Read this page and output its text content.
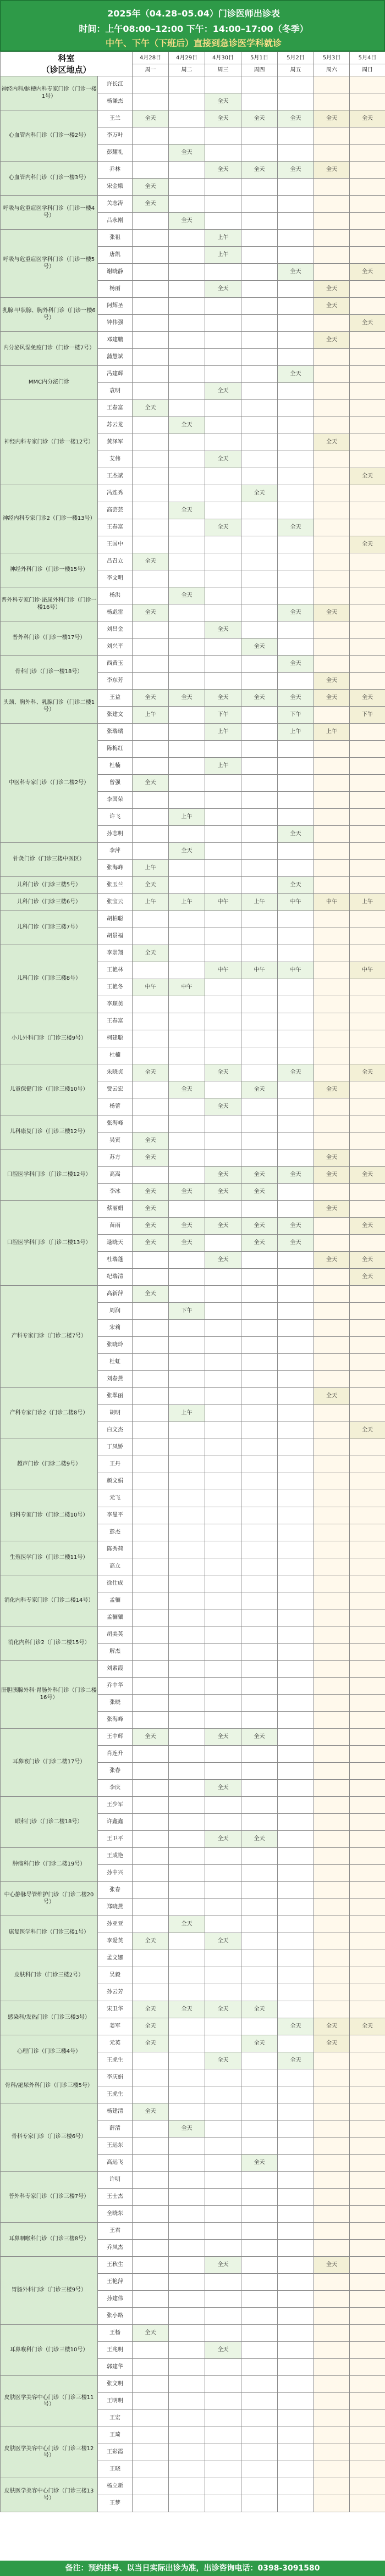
2025年（04.28–05.04）门诊医师出诊表
时间：上午08:00–12:00 下午：14:00–17:00（冬季）
中午、下午（下班后）直接到急诊医学科就诊
科室
（诊区地点）		4月28日	4月29日	4月30日	5月1日	5月2日	5月3日	5月4日
		周一	周二	周三	周四	周五	周六	周日
神经内科/脑梗内科专家门诊（门诊一楼1号）	许长江							
	杨谦杰			全天				
心血管内科门诊（门诊一楼2号）	王兰	全天		全天	全天	全天	全天	全天
	李万叶							
	彭耀礼		全天					
心血管内科门诊（门诊一楼3号）	乔林			全天	全天	全天	全天	
	宋金娥	全天						
呼吸与危重症医学科门诊（门诊一楼4号）	关志涛	全天						
	吕永刚		全天					
呼吸与危重症医学科门诊（门诊一楼5号）	张祖			上午				
	唐凯			上午				
	谢晓静					全天		全天
	杨丽			全天			全天	
乳腺·甲状腺、胸外科门诊（门诊一楼6号）	阿辉圣						全天	
	钟伟强							全天
内分泌风湿免疫门诊（门诊一楼7号）	邓建鹏						全天	
	蒲慧斌							
MMC内分泌门诊	冯建辉					全天		
	袁明			全天				
神经内科专家门诊（门诊一楼12号）	王春富	全天						
	苏云龙		全天					
	黄泽军						全天	
	艾伟			全天				
	王杰斌							全天
神经内科专家门诊2（门诊一楼13号）	冯连秀				全天			
	高芸芸		全天					
	王春富			全天		全天		
	王国中							全天
神经外科门诊（门诊一楼15号）	吕召立	全天						
	李文明							
普外科专家门诊·泌尿外科门诊（门诊一楼16号）	杨洪		全天					
	杨彪雷	全天				全天	全天	
普外科门诊（门诊一楼17号）	刘昌金			全天				
	刘兴平				全天			
骨科门诊（门诊一楼18号）	西黄玉					全天		
	李东芳						全天	
头颈、胸外科、乳腺门诊（门诊二楼1号）	王益	全天	全天	全天	全天	全天	全天	全天
	张建文	上午		下午		下午		下午
中医科专家门诊（门诊二楼2号）	张瑞瑞			上午		上午	上午	
	陈梅红							
	杜楠			上午				
	曾强	全天						
	李国荣							
	许飞		上午					
	孙志明					全天		
针灸门诊（门诊三楼中医区）	李萍		全天					
	张海峰	上午						
儿科门诊（门诊三楼5号）	张玉兰	全天				全天		
儿科门诊（门诊三楼6号）	张宝云	上午	上午	中午	上午	中午	中午	上午
儿科门诊（门诊三楼7号）	胡柏聪							
	胡景福							
儿科门诊（门诊三楼8号）	李崇翔	全天						
	王艳林			中午	中午	中午		中午
	王艳冬	中午	中午					
	李顺美							
小儿外科门诊（门诊三楼9号）	王春富							
	柯建聪							
	杜楠							
儿童保健门诊（门诊三楼10号）	朱晓贞	全天		全天		全天		全天
	贾云宏		全天		全天		全天	
	杨蕾			全天				
儿科康复门诊（门诊三楼12号）	张海峰							
	吴寅	全天						
口腔医学科门诊（门诊二楼12号）	苏方	全天					全天	
	高嵩			全天	全天	全天	全天	全天
	李冰	全天	全天	全天	全天			
口腔医学科门诊（门诊二楼13号）	蔡丽娟	全天					全天	
	苗雨	全天	全天	全天	全天	全天		全天
	逯晓天	全天	全天		全天	全天		
	杜瑞蓬			全天			全天	全天
	纪瑞清							全天
产科专家门诊（门诊二楼7号）	高新萍	全天						
	周润		下午					
	宋莉							
	张晓玲							
	杜虹							
	刘春燕							
产科专家门诊2（门诊二楼8号）	张翠丽						全天	
	胡明		上午					
	白文杰							全天
超声门诊（门诊二楼9号）	丁凤娇							
	王丹							
	颜文娟							
妇科专家门诊（门诊二楼10号）	元飞							
	李曼平							
	彭杰							
生殖医学门诊（门诊二楼11号）	陈秀荷							
	高立							
消化内科专家门诊（门诊二楼14号）	徐仕成							
	孟骊							
	孟骊骧							
消化内科门诊2（门诊二楼15号）	胡美英							
	解杰							
肝胆胰腺外科·胃肠外科门诊（门诊二楼16号）	刘素霞							
	乔中华							
	张晓							
	张海峰							
耳鼻喉门诊（门诊二楼17号）	王中辉	全天		全天	全天			
	肖连升							
	张春							
	李庆			全天				
眼科门诊（门诊二楼18号）	王少军							
	许鑫鑫							
	王卫平			全天	全天			
肿瘤科门诊（门诊二楼19号）	王成艳							
	孙中兴							
中心静脉导管维护门诊（门诊二楼20号）	张春							
	郑晓燕							
康复医学科门诊（门诊三楼1号）	孙亚亚		全天					
	李爱英	全天		全天				
皮肤科门诊（门诊三楼2号）	孟文娜							
	吴毅							
	孙云芳							
感染科/发热门诊（门诊三楼3号）	宋卫华	全天	全天	全天	全天			
	姜军	全天				全天	全天	全天
心理门诊（门诊三楼4号）	元英	全天			全天		全天	
	王虎生			全天		全天		
骨科/泌尿外科门诊（门诊三楼5号）	李庆娟							
	王虎生							
骨科专家门诊（门诊三楼6号）	杨建清	全天						
	薛清		全天					
	王远东							
	高远飞				全天			
普外科专家门诊（门诊三楼7号）	许明							
	王士杰							
	全晓东							
耳鼻咽喉科门诊（门诊三楼8号）	王君							
	乔凤杰							
胃肠外科门诊（门诊三楼9号）	王秋生			全天			全天	
	王艳萍							
	孙建伟							
	张小路							
耳鼻喉科门诊（门诊三楼10号）	王杨	全天						
	王兆明			全天				
	郭建华							
皮肤医学美容中心门诊（门诊三楼11号）	张文明							
	王明明							
	王宏							
皮肤医学美容中心门诊（门诊三楼12号）	王琦							
	王彩霞							
	王晓							
皮肤医学美容中心门诊（门诊三楼13号）	杨立新							
	王梦							
备注：预约挂号、以当日实际出诊为准，出诊咨询电话：0398-3091580
